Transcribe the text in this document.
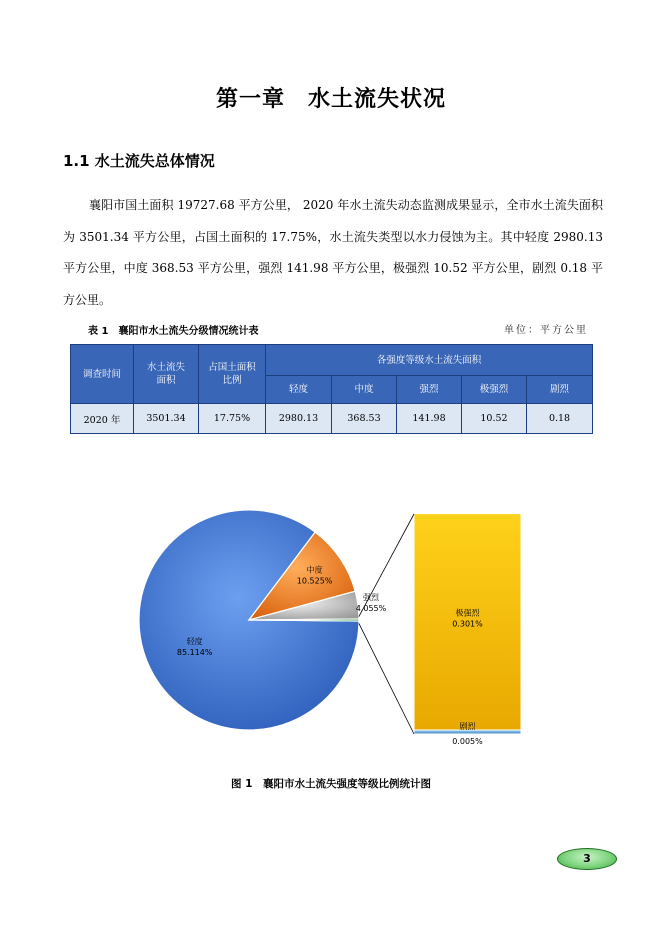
第一章　水土流失状况
1.1 水土流失总体情况
襄阳市国土面积 19727.68 平方公里， 2020 年水土流失动态监测成果显示，全市水土流失面积为 3501.34 平方公里，占国土面积的 17.75%，水土流失类型以水力侵蚀为主。其中轻度 2980.13 平方公里，中度 368.53 平方公里，强烈 141.98 平方公里，极强烈 10.52 平方公里，剧烈 0.18 平方公里。
表 1　襄阳市水土流失分级情况统计表	单位：平方公里
调查时间	水土流失面积	占国土面积比例	各强度等级水土流失面积				
			轻度	中度	强烈	极强烈	剧烈
2020 年	3501.34	17.75%	2980.13	368.53	141.98	10.52	0.18
轻度
85.114%
中度
10.525%
强烈
4.055%
剧烈
0.005%
极强烈
0.301%
图 1　襄阳市水土流失强度等级比例统计图
3
